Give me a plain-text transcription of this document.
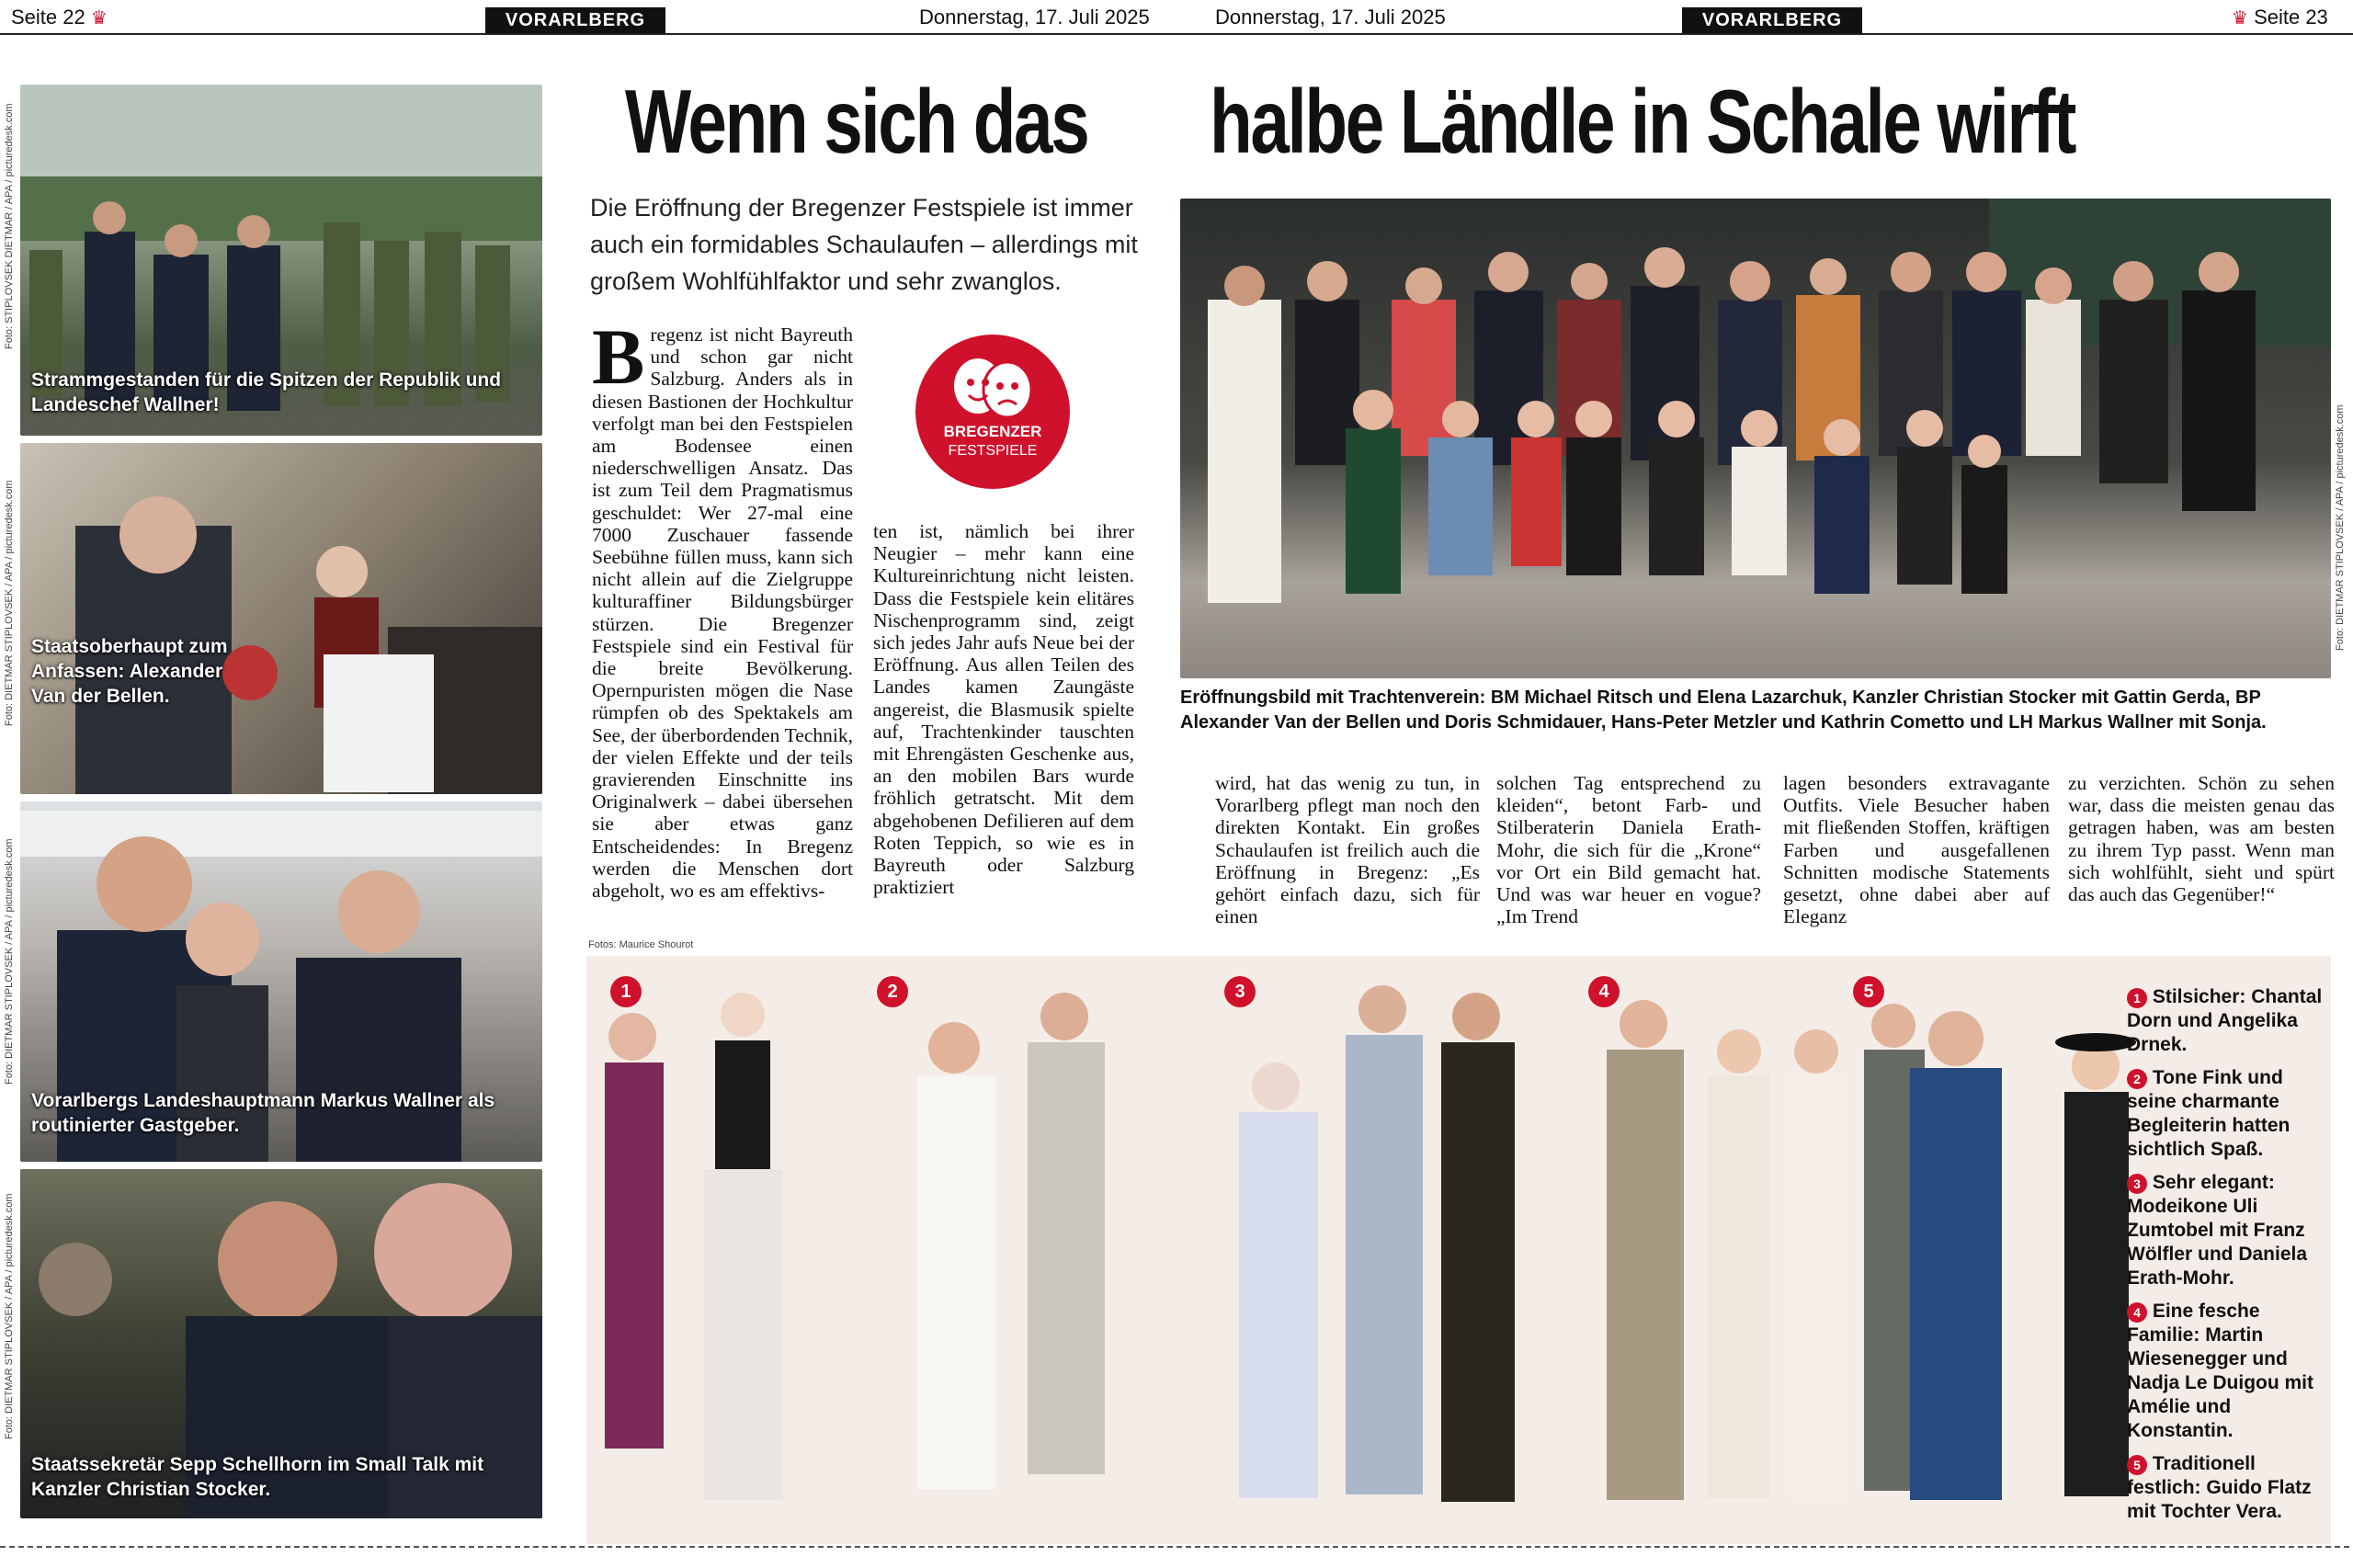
Seite 22 ♛	VORARLBERG	Donnerstag, 17. Juli 2025	Donnerstag, 17. Juli 2025	VORARLBERG	♛ Seite 23
Strammgestanden für die Spitzen der Republik und Landeschef Wallner!
Foto: STIPLOVSEK DIETMAR / APA / picturedesk.com
Staatsoberhaupt zum Anfassen: Alexander Van der Bellen.
Foto: DIETMAR STIPLOVSEK / APA / picturedesk.com
Vorarlbergs Landeshauptmann Markus Wallner als routinierter Gastgeber.
Foto: DIETMAR STIPLOVSEK / APA / picturedesk.com
Staatssekretär Sepp Schellhorn im Small Talk mit Kanzler Christian Stocker.
Foto: DIETMAR STIPLOVSEK / APA / picturedesk.com
Wenn sich das halbe Ländle in Schale wirft
Die Eröffnung der Bregenzer Festspiele ist immer auch ein formidables Schaulaufen – allerdings mit großem Wohlfühlfaktor und sehr zwanglos.
BREGENZER
FESTSPIELE
Bregenz ist nicht Bayreuth und schon gar nicht Salzburg. Anders als in diesen Bastionen der Hochkultur verfolgt man bei den Festspielen am Bodensee einen niederschwelligen Ansatz. Das ist zum Teil dem Pragmatismus geschuldet: Wer 27-mal eine 7000 Zuschauer fassende Seebühne füllen muss, kann sich nicht allein auf die Zielgruppe kulturaffiner Bildungsbürger stürzen. Die Bregenzer Festspiele sind ein Festival für die breite Bevölkerung. Opernpuristen mögen die Nase rümpfen ob des Spektakels am See, der überbordenden Technik, der vielen Effekte und der teils gravierenden Einschnitte ins Originalwerk – dabei übersehen sie aber etwas ganz Entscheidendes: In Bregenz werden die Menschen dort abgeholt, wo es am effektivs-
ten ist, nämlich bei ihrer Neugier – mehr kann eine Kultureinrichtung nicht leisten. Dass die Festspiele kein elitäres Nischenprogramm sind, zeigt sich jedes Jahr aufs Neue bei der Eröffnung. Aus allen Teilen des Landes kamen Zaungäste angereist, die Blasmusik spielte auf, Trachtenkinder tauschten mit Ehrengästen Geschenke aus, an den mobilen Bars wurde fröhlich getratscht. Mit dem abgehobenen Defilieren auf dem Roten Teppich, so wie es in Bayreuth oder Salzburg praktiziert
wird, hat das wenig zu tun, in Vorarlberg pflegt man noch den direkten Kontakt. Ein großes Schaulaufen ist freilich auch die Eröffnung in Bregenz: „Es gehört einfach dazu, sich für einen
solchen Tag entsprechend zu kleiden“, betont Farb- und Stilberaterin Daniela Erath-Mohr, die sich für die „Krone“ vor Ort ein Bild gemacht hat. Und was war heuer en vogue? „Im Trend
lagen besonders extravagante Outfits. Viele Besucher haben mit fließenden Stoffen, kräftigen Farben und ausgefallenen Schnitten modische Statements gesetzt, ohne dabei aber auf Eleganz
zu verzichten. Schön zu sehen war, dass die meisten genau das getragen haben, was am besten zu ihrem Typ passt. Wenn man sich wohlfühlt, sieht und spürt das auch das Gegenüber!“
Foto: DIETMAR STIPLOVSEK / APA / picturedesk.com
Eröffnungsbild mit Trachtenverein: BM Michael Ritsch und Elena Lazarchuk, Kanzler Christian Stocker mit Gattin Gerda, BP Alexander Van der Bellen und Doris Schmidauer, Hans-Peter Metzler und Kathrin Cometto und LH Markus Wallner mit Sonja.
Fotos: Maurice Shourot
1	2	3	4	5	1 Stilsicher: Chantal Dorn und Angelika Drnek.
2 Tone Fink und seine charmante Begleiterin hatten sichtlich Spaß.
3 Sehr elegant: Modeikone Uli Zumtobel mit Franz Wölfler und Daniela Erath-Mohr.
4 Eine fesche Familie: Martin Wiesenegger und Nadja Le Duigou mit Amélie und Konstantin.
5 Traditionell festlich: Guido Flatz mit Tochter Vera.
